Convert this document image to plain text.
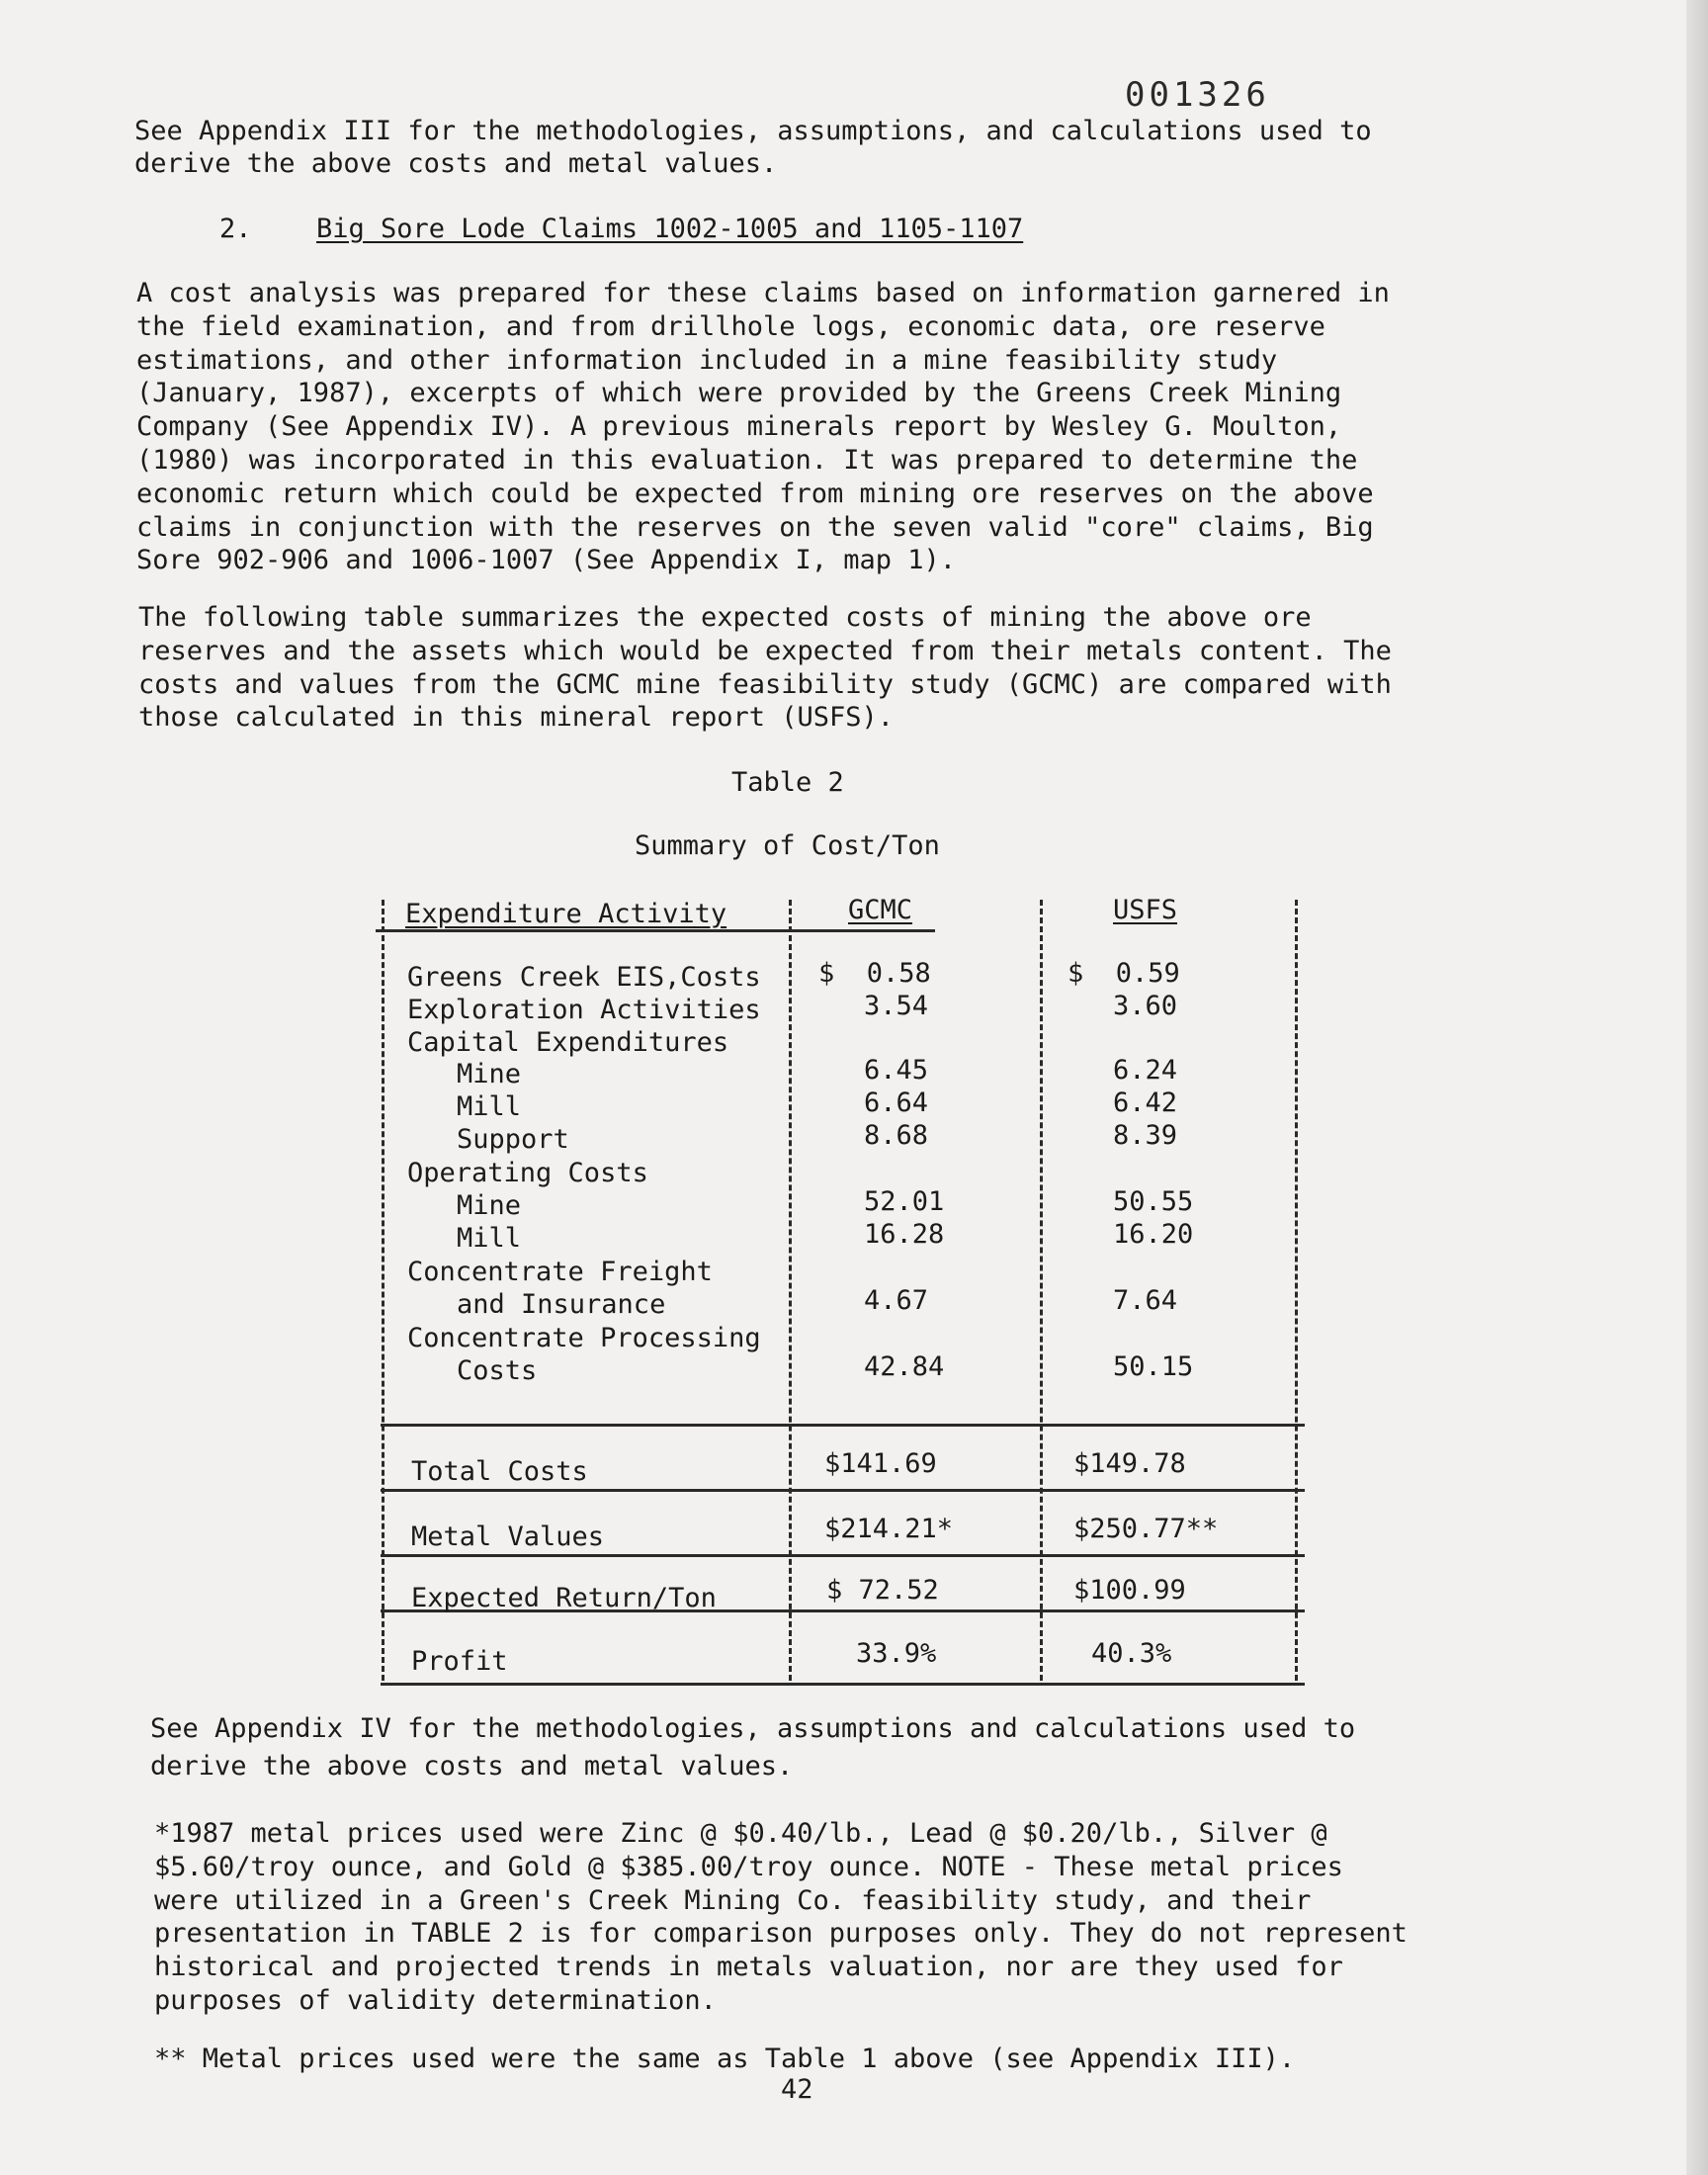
001326
See Appendix III for the methodologies, assumptions, and calculations used to
derive the above costs and metal values.
2. Big Sore Lode Claims 1002-1005 and 1105-1107
A cost analysis was prepared for these claims based on information garnered in
the field examination, and from drillhole logs, economic data, ore reserve
estimations, and other information included in a mine feasibility study
(January, 1987), excerpts of which were provided by the Greens Creek Mining
Company (See Appendix IV). A previous minerals report by Wesley G. Moulton,
(1980) was incorporated in this evaluation. It was prepared to determine the
economic return which could be expected from mining ore reserves on the above
claims in conjunction with the reserves on the seven valid "core" claims, Big
Sore 902-906 and 1006-1007 (See Appendix I, map 1).
The following table summarizes the expected costs of mining the above ore
reserves and the assets which would be expected from their metals content. The
costs and values from the GCMC mine feasibility study (GCMC) are compared with
those calculated in this mineral report (USFS).
Table 2
Summary of Cost/Ton
Expenditure Activity	GCMC	USFS
Greens Creek EIS,Costs $  0.58	$  0.59
Exploration Activities	3.54	3.60
Capital Expenditures
Mine	6.45	6.24
Mill	6.64	6.42
Support	8.68	8.39
Operating Costs
Mine	52.01	50.55
Mill	16.28	16.20
Concentrate Freight
and Insurance	4.67	7.64
Concentrate Processing
Costs	42.84	50.15
Total Costs	$141.69	$149.78
Metal Values	$214.21*	$250.77**
Expected Return/Ton	$ 72.52	$100.99
Profit	33.9%	40.3%
See Appendix IV for the methodologies, assumptions and calculations used to
derive the above costs and metal values.
*1987 metal prices used were Zinc @ $0.40/lb., Lead @ $0.20/lb., Silver @
$5.60/troy ounce, and Gold @ $385.00/troy ounce. NOTE - These metal prices
were utilized in a Green's Creek Mining Co. feasibility study, and their
presentation in TABLE 2 is for comparison purposes only. They do not represent
historical and projected trends in metals valuation, nor are they used for
purposes of validity determination.
** Metal prices used were the same as Table 1 above (see Appendix III).
42
